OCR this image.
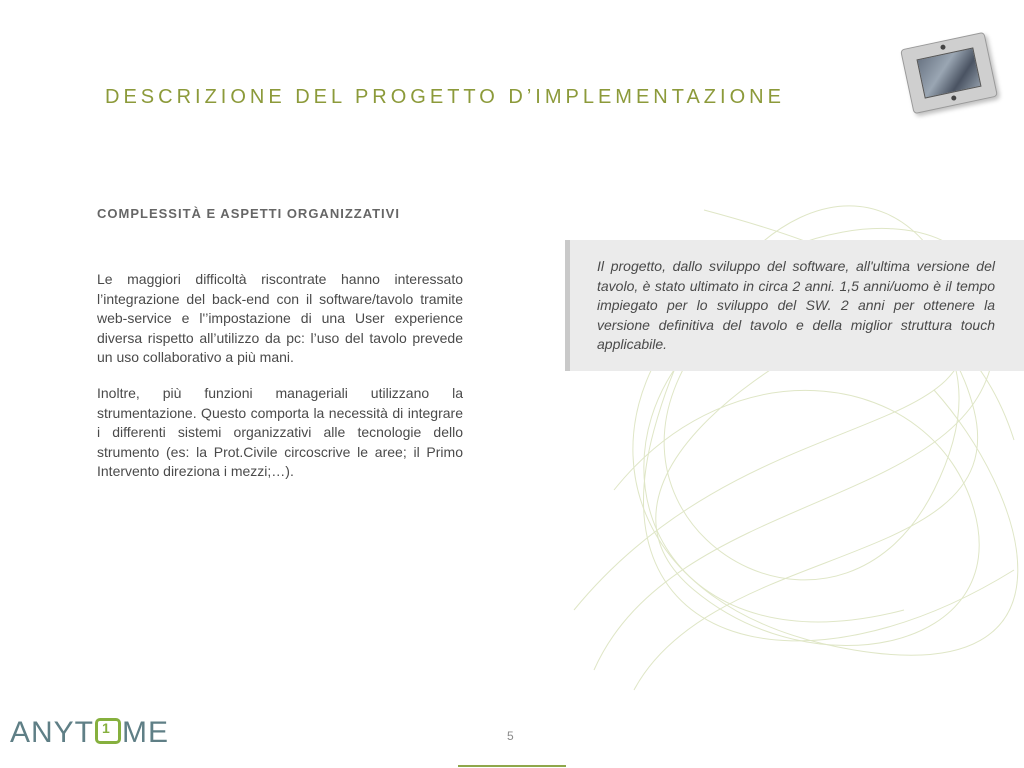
DESCRIZIONE DEL PROGETTO D’IMPLEMENTAZIONE
COMPLESSITÀ E ASPETTI ORGANIZZATIVI

Le maggiori difficoltà riscontrate hanno interessato l’integrazione del back-end con il software/tavolo tramite web-service e l'’impostazione di una User experience diversa rispetto all’utilizzo da pc: l’uso del tavolo prevede un uso collaborativo a più mani.

Inoltre, più funzioni manageriali utilizzano la strumentazione. Questo comporta la necessità di integrare i differenti sistemi organizzativi alle tecnologie dello strumento (es: la Prot.Civile circoscrive le aree; il Primo Intervento direziona i mezzi;…).

Il progetto, dallo sviluppo del software, all'ultima versione del tavolo, è stato ultimato in circa 2 anni. 1,5 anni/uomo è il tempo impiegato per lo sviluppo del SW. 2 anni per ottenere la versione definitiva del tavolo e della miglior struttura touch applicabile.

ANYT 1 ME	5
